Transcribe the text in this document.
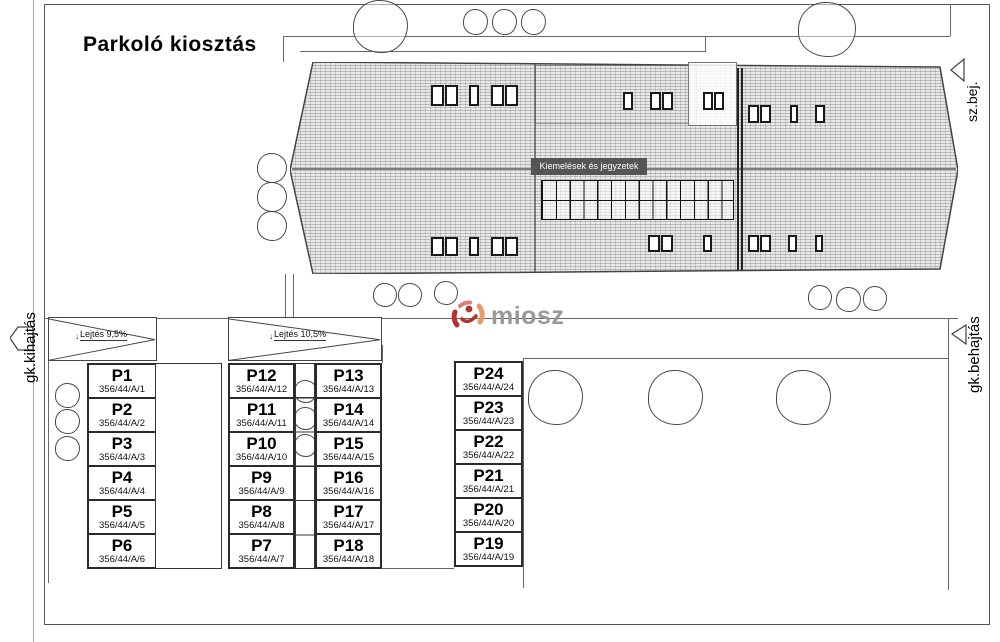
Parkoló kiosztás
Kiemelések és jegyzetek
↓Lejtés 9,5%	↓Lejtés 10,5%
P1
356/44/A/1
P2
356/44/A/2
P3
356/44/A/3
P4
356/44/A/4
P5
356/44/A/5
P6
356/44/A/6
P12
356/44/A/12
P11
356/44/A/11
P10
356/44/A/10
P9
356/44/A/9
P8
356/44/A/8
P7
356/44/A/7
P13
356/44/A/13
P14
356/44/A/14
P15
356/44/A/15
P16
356/44/A/16
P17
356/44/A/17
P18
356/44/A/18
P24
356/44/A/24
P23
356/44/A/23
P22
356/44/A/22
P21
356/44/A/21
P20
356/44/A/20
P19
356/44/A/19
gk.kihajtás	gk.behajtás
sz.bej.
miosz
